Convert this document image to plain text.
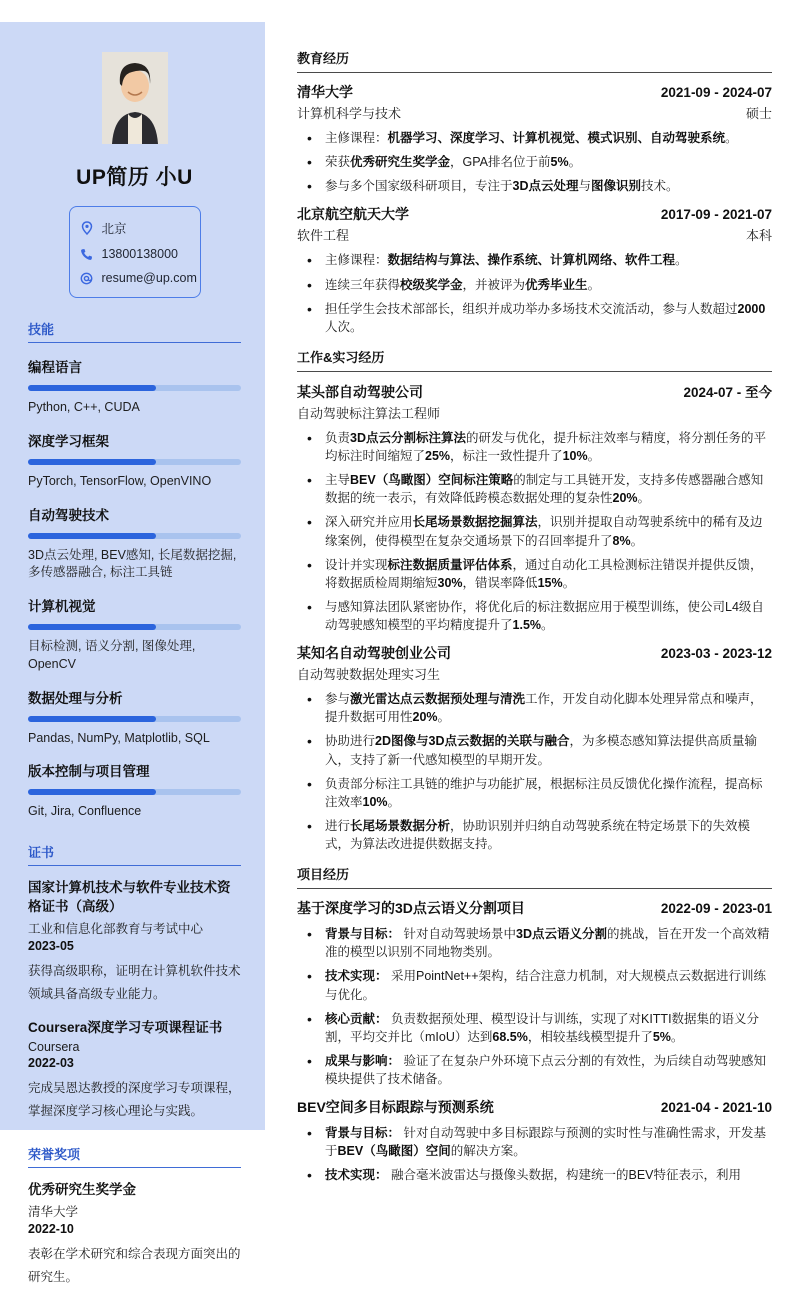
UP简历 小U
北京
13800138000
resume@up.com
技能
编程语言
Python, C++, CUDA
深度学习框架
PyTorch, TensorFlow, OpenVINO
自动驾驶技术
3D点云处理, BEV感知, 长尾数据挖掘, 多传感器融合, 标注工具链
计算机视觉
目标检测, 语义分割, 图像处理, OpenCV
数据处理与分析
Pandas, NumPy, Matplotlib, SQL
版本控制与项目管理
Git, Jira, Confluence
证书
国家计算机技术与软件专业技术资格证书（高级）
工业和信息化部教育与考试中心
2023-05
获得高级职称，证明在计算机软件技术领域具备高级专业能力。
Coursera深度学习专项课程证书
Coursera
2022-03
完成吴恩达教授的深度学习专项课程，掌握深度学习核心理论与实践。
荣誉奖项
优秀研究生奖学金
清华大学
2022-10
表彰在学术研究和综合表现方面突出的研究生。
教育经历
清华大学	2021-09 - 2024-07
计算机科学与技术	硕士
• 主修课程：机器学习、深度学习、计算机视觉、模式识别、自动驾驶系统。
• 荣获优秀研究生奖学金，GPA排名位于前5%。
• 参与多个国家级科研项目，专注于3D点云处理与图像识别技术。
北京航空航天大学	2017-09 - 2021-07
软件工程	本科
• 主修课程：数据结构与算法、操作系统、计算机网络、软件工程。
• 连续三年获得校级奖学金，并被评为优秀毕业生。
• 担任学生会技术部部长，组织并成功举办多场技术交流活动，参与人数超过2000人次。
工作&实习经历
某头部自动驾驶公司	2024-07 - 至今
自动驾驶标注算法工程师
• 负责3D点云分割标注算法的研发与优化，提升标注效率与精度，将分割任务的平均标注时间缩短了25%，标注一致性提升了10%。
• 主导BEV（鸟瞰图）空间标注策略的制定与工具链开发，支持多传感器融合感知数据的统一表示，有效降低跨模态数据处理的复杂性20%。
• 深入研究并应用长尾场景数据挖掘算法，识别并提取自动驾驶系统中的稀有及边缘案例，使得模型在复杂交通场景下的召回率提升了8%。
• 设计并实现标注数据质量评估体系，通过自动化工具检测标注错误并提供反馈，将数据质检周期缩短30%，错误率降低15%。
• 与感知算法团队紧密协作，将优化后的标注数据应用于模型训练，使公司L4级自动驾驶感知模型的平均精度提升了1.5%。
某知名自动驾驶创业公司	2023-03 - 2023-12
自动驾驶数据处理实习生
• 参与激光雷达点云数据预处理与清洗工作，开发自动化脚本处理异常点和噪声，提升数据可用性20%。
• 协助进行2D图像与3D点云数据的关联与融合，为多模态感知算法提供高质量输入，支持了新一代感知模型的早期开发。
• 负责部分标注工具链的维护与功能扩展，根据标注员反馈优化操作流程，提高标注效率10%。
• 进行长尾场景数据分析，协助识别并归纳自动驾驶系统在特定场景下的失效模式，为算法改进提供数据支持。
项目经历
基于深度学习的3D点云语义分割项目	2022-09 - 2023-01
• 背景与目标： 针对自动驾驶场景中3D点云语义分割的挑战，旨在开发一个高效精准的模型以识别不同地物类别。
• 技术实现： 采用PointNet++架构，结合注意力机制，对大规模点云数据进行训练与优化。
• 核心贡献： 负责数据预处理、模型设计与训练，实现了对KITTI数据集的语义分割，平均交并比（mIoU）达到68.5%，相较基线模型提升了5%。
• 成果与影响： 验证了在复杂户外环境下点云分割的有效性，为后续自动驾驶感知模块提供了技术储备。
BEV空间多目标跟踪与预测系统	2021-04 - 2021-10
• 背景与目标： 针对自动驾驶中多目标跟踪与预测的实时性与准确性需求，开发基于BEV（鸟瞰图）空间的解决方案。
• 技术实现： 融合毫米波雷达与摄像头数据，构建统一的BEV特征表示，利用
